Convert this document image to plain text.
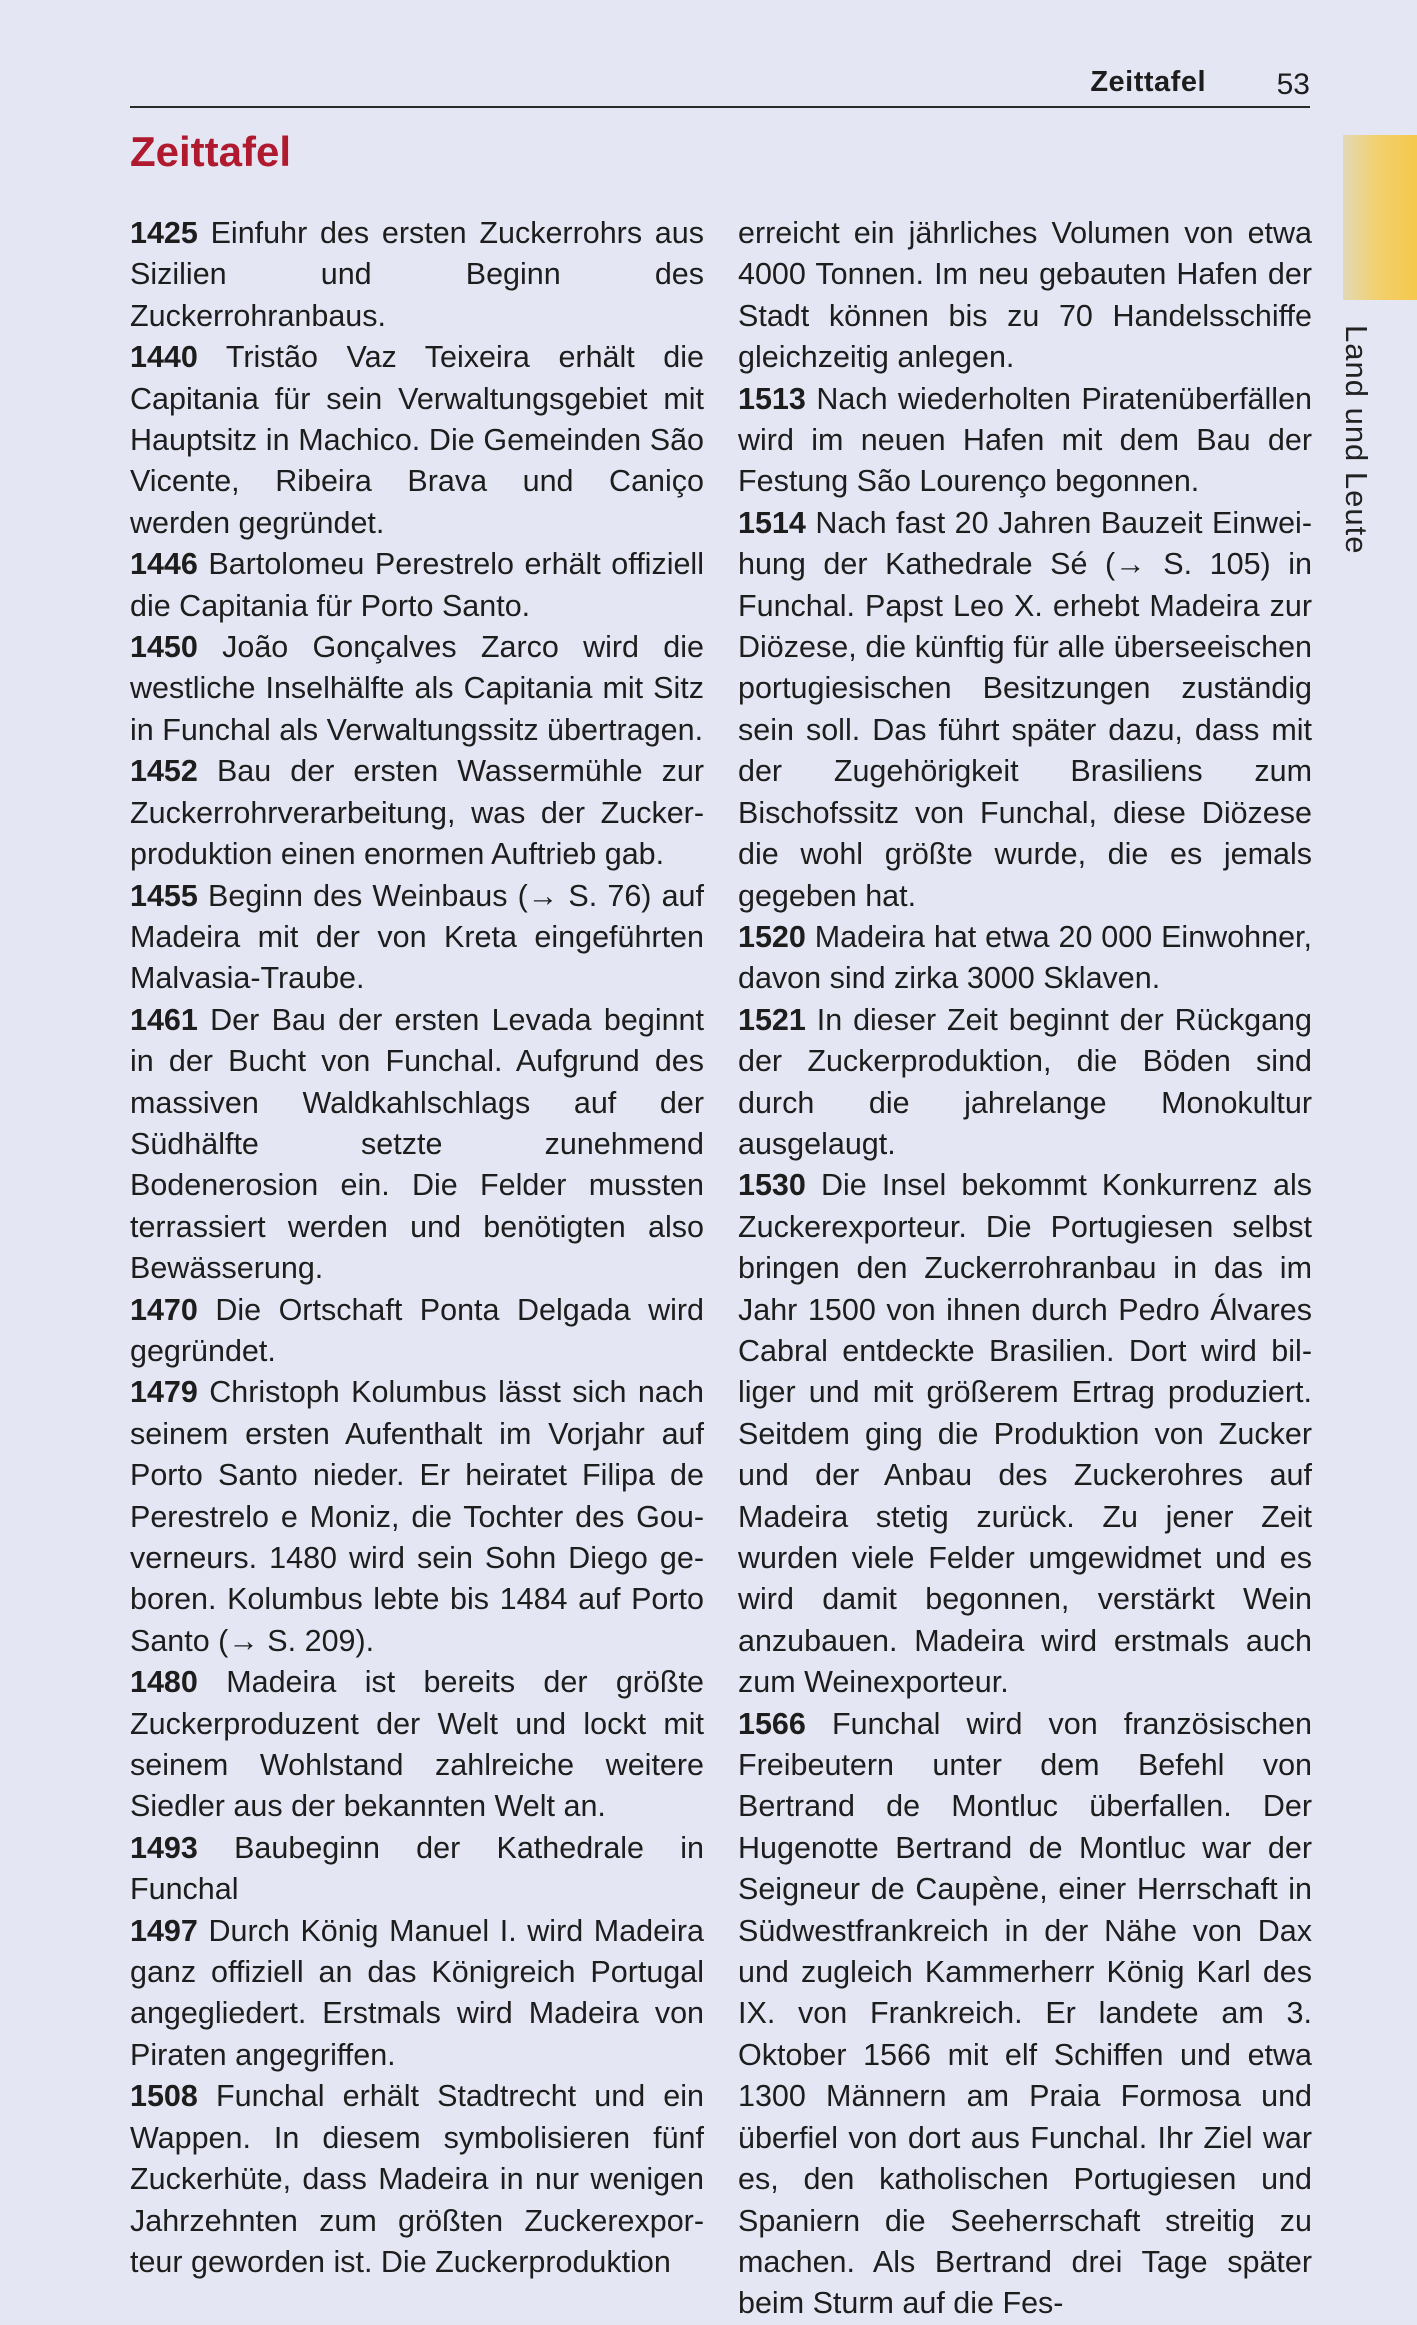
Zeittafel 53
Zeittafel
Land und Leute

1425 Einfuhr des ersten Zuckerrohrs aus Sizilien und Beginn des Zuckerrohranbaus.

1440 Tristão Vaz Teixeira erhält die Capitania für sein Verwaltungsgebiet mit Hauptsitz in Machico. Die Gemeinden São Vicente, Ribeira Brava und Caniço werden gegründet.

1446 Bartolomeu Perestrelo erhält offiziell die Capitania für Porto Santo.

1450 João Gonçalves Zarco wird die westliche Inselhälfte als Capitania mit Sitz in Funchal als Verwaltungssitz übertragen.

1452 Bau der ersten Wassermühle zur Zuckerrohrverarbeitung, was der Zuckerproduktion einen enormen Auftrieb gab.

1455 Beginn des Weinbaus (→ S. 76) auf Madeira mit der von Kreta eingeführten Malvasia-Traube.

1461 Der Bau der ersten Levada beginnt in der Bucht von Funchal. Aufgrund des massiven Waldkahlschlags auf der Südhälfte setzte zunehmend Bodenerosion ein. Die Felder mussten terrassiert werden und benötigten also Bewässerung.

1470 Die Ortschaft Ponta Delgada wird gegründet.

1479 Christoph Kolumbus lässt sich nach seinem ersten Aufenthalt im Vorjahr auf Porto Santo nieder. Er heiratet Filipa de Perestrelo e Moniz, die Tochter des Gouverneurs. 1480 wird sein Sohn Diego geboren. Kolumbus lebte bis 1484 auf Porto Santo (→ S. 209).

1480 Madeira ist bereits der größte Zuckerproduzent der Welt und lockt mit seinem Wohlstand zahlreiche weitere Siedler aus der bekannten Welt an.

1493 Baubeginn der Kathedrale in Funchal

1497 Durch König Manuel I. wird Madeira ganz offiziell an das Königreich Portugal angegliedert. Erstmals wird Madeira von Piraten angegriffen.

1508 Funchal erhält Stadtrecht und ein Wappen. In diesem symbolisieren fünf Zuckerhüte, dass Madeira in nur wenigen Jahrzehnten zum größten Zuckerexporteur geworden ist. Die Zuckerproduktion

erreicht ein jährliches Volumen von etwa 4000 Tonnen. Im neu gebauten Hafen der Stadt können bis zu 70 Handelsschiffe gleichzeitig anlegen.

1513 Nach wiederholten Piratenüberfällen wird im neuen Hafen mit dem Bau der Festung São Lourenço begonnen.

1514 Nach fast 20 Jahren Bauzeit Einweihung der Kathedrale Sé (→ S. 105) in Funchal. Papst Leo X. erhebt Madeira zur Diözese, die künftig für alle überseeischen portugiesischen Besitzungen zuständig sein soll. Das führt später dazu, dass mit der Zugehörigkeit Brasiliens zum Bischofssitz von Funchal, diese Diözese die wohl größte wurde, die es jemals gegeben hat.

1520 Madeira hat etwa 20 000 Einwohner, davon sind zirka 3000 Sklaven.

1521 In dieser Zeit beginnt der Rückgang der Zuckerproduktion, die Böden sind durch die jahrelange Monokultur ausgelaugt.

1530 Die Insel bekommt Konkurrenz als Zuckerexporteur. Die Portugiesen selbst bringen den Zuckerrohranbau in das im Jahr 1500 von ihnen durch Pedro Álvares Cabral entdeckte Brasilien. Dort wird billiger und mit größerem Ertrag produziert. Seitdem ging die Produktion von Zucker und der Anbau des Zuckerohres auf Madeira stetig zurück. Zu jener Zeit wurden viele Felder umgewidmet und es wird damit begonnen, verstärkt Wein anzubauen. Madeira wird erstmals auch zum Weinexporteur.

1566 Funchal wird von französischen Freibeutern unter dem Befehl von Bertrand de Montluc überfallen. Der Hugenotte Bertrand de Montluc war der Seigneur de Caupène, einer Herrschaft in Südwestfrankreich in der Nähe von Dax und zugleich Kammerherr König Karl des IX. von Frankreich. Er landete am 3. Oktober 1566 mit elf Schiffen und etwa 1300 Männern am Praia Formosa und überfiel von dort aus Funchal. Ihr Ziel war es, den katholischen Portugiesen und Spaniern die Seeherrschaft streitig zu machen. Als Bertrand drei Tage später beim Sturm auf die Fes-
